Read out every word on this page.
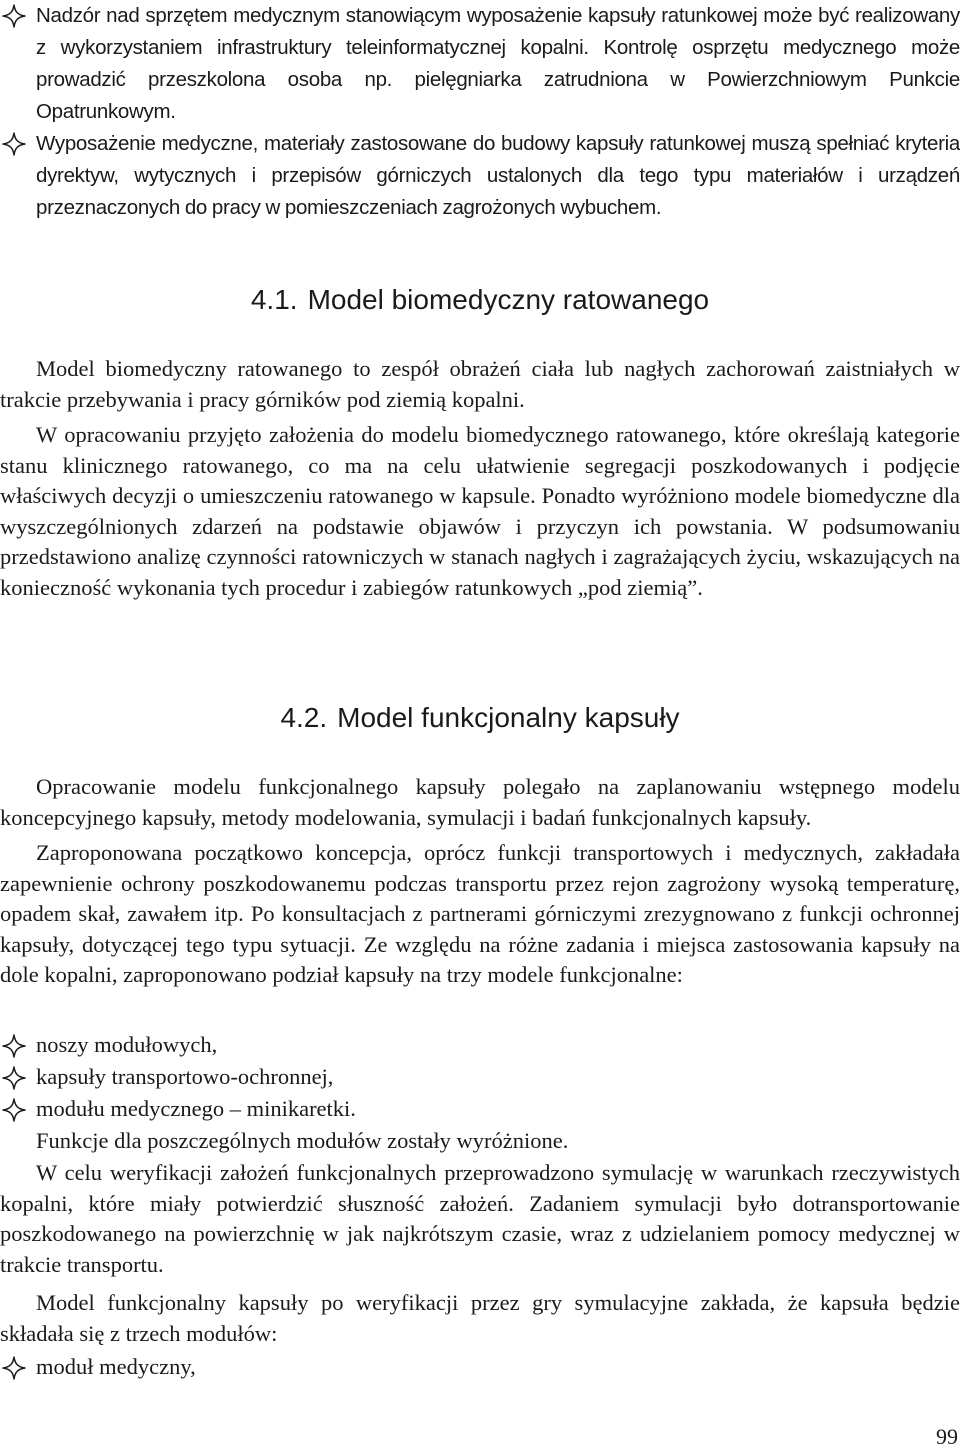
Nadzór nad sprzętem medycznym stanowiącym wyposażenie kapsuły ratunkowej może być realizowany z wykorzystaniem infrastruktury teleinformatycznej kopalni. Kontrolę osprzętu medycznego może prowadzić przeszkolona osoba np. pielęgniarka zatrudniona w Powierzchniowym Punkcie Opatrunkowym.
Wyposażenie medyczne, materiały zastosowane do budowy kapsuły ratunkowej muszą spełniać kryteria dyrektyw, wytycznych i przepisów górniczych ustalonych dla tego typu materiałów i urządzeń przeznaczonych do pracy w pomieszczeniach zagrożonych wybuchem.
4.1. Model biomedyczny ratowanego

Model biomedyczny ratowanego to zespół obrażeń ciała lub nagłych zachorowań zaistniałych w trakcie przebywania i pracy górników pod ziemią kopalni.

W opracowaniu przyjęto założenia do modelu biomedycznego ratowanego, które określają kategorie stanu klinicznego ratowanego, co ma na celu ułatwienie segregacji poszkodowanych i podjęcie właściwych decyzji o umieszczeniu ratowanego w kapsule. Ponadto wyróżniono modele biomedyczne dla wyszczególnionych zdarzeń na podstawie objawów i przyczyn ich powstania. W podsumowaniu przedstawiono analizę czynności ratowniczych w stanach nagłych i zagrażających życiu, wskazujących na konieczność wykonania tych procedur i zabiegów ratunkowych „pod ziemią”.

4.2. Model funkcjonalny kapsuły

Opracowanie modelu funkcjonalnego kapsuły polegało na zaplanowaniu wstępnego modelu koncepcyjnego kapsuły, metody modelowania, symulacji i badań funkcjonalnych kapsuły.

Zaproponowana początkowo koncepcja, oprócz funkcji transportowych i medycznych, zakładała zapewnienie ochrony poszkodowanemu podczas transportu przez rejon zagrożony wysoką temperaturę, opadem skał, zawałem itp. Po konsultacjach z partnerami górniczymi zrezygnowano z funkcji ochronnej kapsuły, dotyczącej tego typu sytuacji. Ze względu na różne zadania i miejsca zastosowania kapsuły na dole kopalni, zaproponowano podział kapsuły na trzy modele funkcjonalne:

noszy modułowych,
kapsuły transportowo-ochronnej,
modułu medycznego – minikaretki.

Funkcje dla poszczególnych modułów zostały wyróżnione.

W celu weryfikacji założeń funkcjonalnych przeprowadzono symulację w warunkach rzeczywistych kopalni, które miały potwierdzić słuszność założeń. Zadaniem symulacji było dotransportowanie poszkodowanego na powierzchnię w jak najkrótszym czasie, wraz z udzielaniem pomocy medycznej w trakcie transportu.

Model funkcjonalny kapsuły po weryfikacji przez gry symulacyjne zakłada, że kapsuła będzie składała się z trzech modułów:

moduł medyczny,
99
